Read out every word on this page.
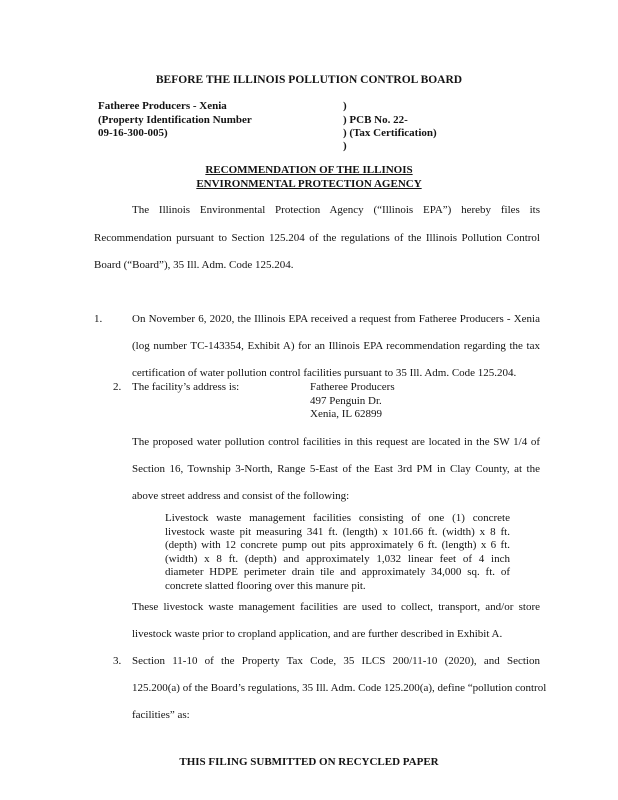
BEFORE THE ILLINOIS POLLUTION CONTROL BOARD
Fatheree Producers - Xenia
(Property Identification Number
09-16-300-005)
)
) PCB No. 22-
) (Tax Certification)
)
RECOMMENDATION OF THE ILLINOIS
ENVIRONMENTAL PROTECTION AGENCY
The Illinois Environmental Protection Agency (“Illinois EPA”) hereby files its
Recommendation pursuant to Section 125.204 of the regulations of the Illinois Pollution Control
Board (“Board”), 35 Ill. Adm. Code 125.204.
1.	On November 6, 2020, the Illinois EPA received a request from Fatheree Producers - Xenia
(log number TC-143354, Exhibit A) for an Illinois EPA recommendation regarding the tax
certification of water pollution control facilities pursuant to 35 Ill. Adm. Code 125.204.
2. The facility’s address is:	Fatheree Producers
497 Penguin Dr.
Xenia, IL 62899
The proposed water pollution control facilities in this request are located in the SW 1/4 of
Section 16, Township 3-North, Range 5-East of the East 3rd PM in Clay County, at the
above street address and consist of the following:
Livestock waste management facilities consisting of one (1) concrete
livestock waste pit measuring 341 ft. (length) x 101.66 ft. (width) x 8 ft.
(depth) with 12 concrete pump out pits approximately 6 ft. (length) x 6 ft.
(width) x 8 ft. (depth) and approximately 1,032 linear feet of 4 inch
diameter HDPE perimeter drain tile and approximately 34,000 sq. ft. of
concrete slatted flooring over this manure pit.
These livestock waste management facilities are used to collect, transport, and/or store
livestock waste prior to cropland application, and are further described in Exhibit A.
3. Section 11-10 of the Property Tax Code, 35 ILCS 200/11-10 (2020), and Section
125.200(a) of the Board’s regulations, 35 Ill. Adm. Code 125.200(a), define “pollution control
facilities” as:
THIS FILING SUBMITTED ON RECYCLED PAPER
